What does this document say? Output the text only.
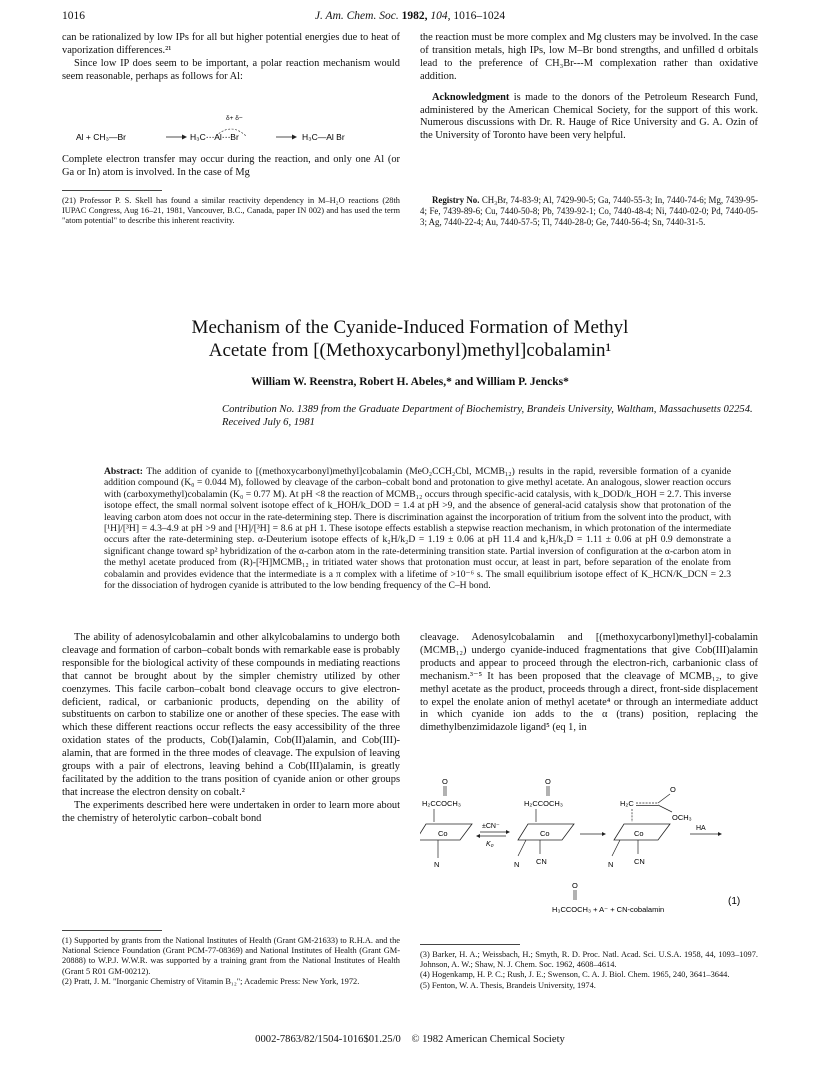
1016	J. Am. Chem. Soc. 1982, 104, 1016–1024

can be rationalized by low IPs for all but higher potential energies due to heat of vaporization differences.²¹

Since low IP does seem to be important, a polar reaction mechanism would seem reasonable, perhaps as follows for Al:

Al + CH₃—Br	H₃C⋯Al⋯Br
δ+ δ−
H₃C—Al Br

Complete electron transfer may occur during the reaction, and only one Al (or Ga or In) atom is involved. In the case of Mg

(21) Professor P. S. Skell has found a similar reactivity dependency in M–H₂O reactions (28th IUPAC Congress, Aug 16–21, 1981, Vancouver, B.C., Canada, paper IN 002) and has used the term "atom potential" to describe this inherent reactivity.

the reaction must be more complex and Mg clusters may be involved. In the case of transition metals, high IPs, low M–Br bond strengths, and unfilled d orbitals lead to the preference of CH₃Br---M complexation rather than oxidative addition.

Acknowledgment is made to the donors of the Petroleum Research Fund, administered by the American Chemical Society, for the support of this work. Numerous discussions with Dr. R. Hauge of Rice University and G. A. Ozin of the University of Toronto have been very helpful.

Registry No. CH₃Br, 74-83-9; Al, 7429-90-5; Ga, 7440-55-3; In, 7440-74-6; Mg, 7439-95-4; Fe, 7439-89-6; Cu, 7440-50-8; Pb, 7439-92-1; Co, 7440-48-4; Ni, 7440-02-0; Pd, 7440-05-3; Ag, 7440-22-4; Au, 7440-57-5; Tl, 7440-28-0; Ge, 7440-56-4; Sn, 7440-31-5.
Mechanism of the Cyanide-Induced Formation of Methyl
Acetate from [(Methoxycarbonyl)methyl]cobalamin¹
William W. Reenstra, Robert H. Abeles,* and William P. Jencks*
Contribution No. 1389 from the Graduate Department of Biochemistry, Brandeis University, Waltham, Massachusetts 02254. Received July 6, 1981
Abstract: The addition of cyanide to [(methoxycarbonyl)methyl]cobalamin (MeO₂CCH₂Cbl, MCMB₁₂) results in the rapid, reversible formation of a cyanide addition compound (K₀ = 0.044 M), followed by cleavage of the carbon–cobalt bond and protonation to give methyl acetate. An analogous, slower reaction occurs with (carboxymethyl)cobalamin (K₀ = 0.77 M). At pH <8 the reaction of MCMB₁₂ occurs through specific-acid catalysis, with k_DOD/k_HOH = 2.7. This inverse isotope effect, the small normal solvent isotope effect of k_HOH/k_DOD = 1.4 at pH >9, and the absence of general-acid catalysis show that protonation of the leaving carbon atom does not occur in the rate-determining step. There is discrimination against the incorporation of tritium from the solvent into the product, with [¹H]/[³H] = 4.3–4.9 at pH >9 and [¹H]/[³H] = 8.6 at pH 1. These isotope effects establish a stepwise reaction mechanism, in which protonation of the intermediate occurs after the rate-determining step. α-Deuterium isotope effects of k₂H/k₂D = 1.19 ± 0.06 at pH 11.4 and k₂H/k₂D = 1.11 ± 0.06 at pH 0.9 demonstrate a significant change toward sp² hybridization of the α-carbon atom in the rate-determining transition state. Partial inversion of configuration at the α-carbon atom in the methyl acetate produced from (R)-[²H]MCMB₁₂ in tritiated water shows that protonation must occur, at least in part, before separation of the enolate from cobalamin and provides evidence that the intermediate is a π complex with a lifetime of >10⁻⁶ s. The small equilibrium isotope effect of K_HCN/K_DCN = 2.3 for the dissociation of hydrogen cyanide is attributed to the low bending frequency of the C–H bond.

The ability of adenosylcobalamin and other alkylcobalamins to undergo both cleavage and formation of carbon–cobalt bonds with remarkable ease is probably responsible for the biological activity of these compounds in mediating reactions that cannot be brought about by the simpler chemistry utilized by other coenzymes. This facile carbon–cobalt bond cleavage occurs to give electron-deficient, radical, or carbanionic products, depending on the ability of substituents on carbon to stabilize one or another of these species. The ease with which these different reactions occur reflects the easy accessibility of the three oxidation states of the products, Cob(I)alamin, Cob(II)alamin, and Cob(III)-alamin, that are formed in the three modes of cleavage. The expulsion of leaving groups with a pair of electrons, leaving behind a Cob(III)alamin, is greatly facilitated by the addition to the trans position of cyanide anion or other groups that increase the electron density on cobalt.²

The experiments described here were undertaken in order to learn more about the chemistry of heterolytic carbon–cobalt bond

(1) Supported by grants from the National Institutes of Health (Grant GM-21633) to R.H.A. and the National Science Foundation (Grant PCM-77-08369) and National Institutes of Health (Grant GM-20888) to W.P.J. W.W.R. was supported by a training grant from the National Institutes of Health (Grant 5 R01 GM-00212).

(2) Pratt, J. M. "Inorganic Chemistry of Vitamin B₁₂"; Academic Press: New York, 1972.

cleavage. Adenosylcobalamin and [(methoxycarbonyl)methyl]-cobalamin (MCMB₁₂) undergo cyanide-induced fragmentations that give Cob(III)alamin products and appear to proceed through the electron-rich, carbanionic class of mechanism.³⁻⁵ It has been proposed that the cleavage of MCMB₁₂, to give methyl acetate as the product, proceeds through a direct, front-side displacement to expel the enolate anion of methyl acetate⁴ or through an intermediate adduct in which cyanide ion adds to the α (trans) position, replacing the dimethylbenzimidazole ligand⁵ (eq 1, in

O
H₂CCOCH₃
Co
N
±CN⁻
K₀
O
H₂CCOCH₃
Co
N CN
H₂C
O
OCH₃
Co
N	CN
HA
O
H₃CCOCH₃ + A⁻ + CN-cobalamin
(1)

(3) Barker, H. A.; Weissbach, H.; Smyth, R. D. Proc. Natl. Acad. Sci. U.S.A. 1958, 44, 1093–1097. Johnson, A. W.; Shaw, N. J. Chem. Soc. 1962, 4608–4614.

(4) Hogenkamp, H. P. C.; Rush, J. E.; Swenson, C. A. J. Biol. Chem. 1965, 240, 3641–3644.

(5) Fenton, W. A. Thesis, Brandeis University, 1974.

0002-7863/82/1504-1016$01.25/0 © 1982 American Chemical Society
